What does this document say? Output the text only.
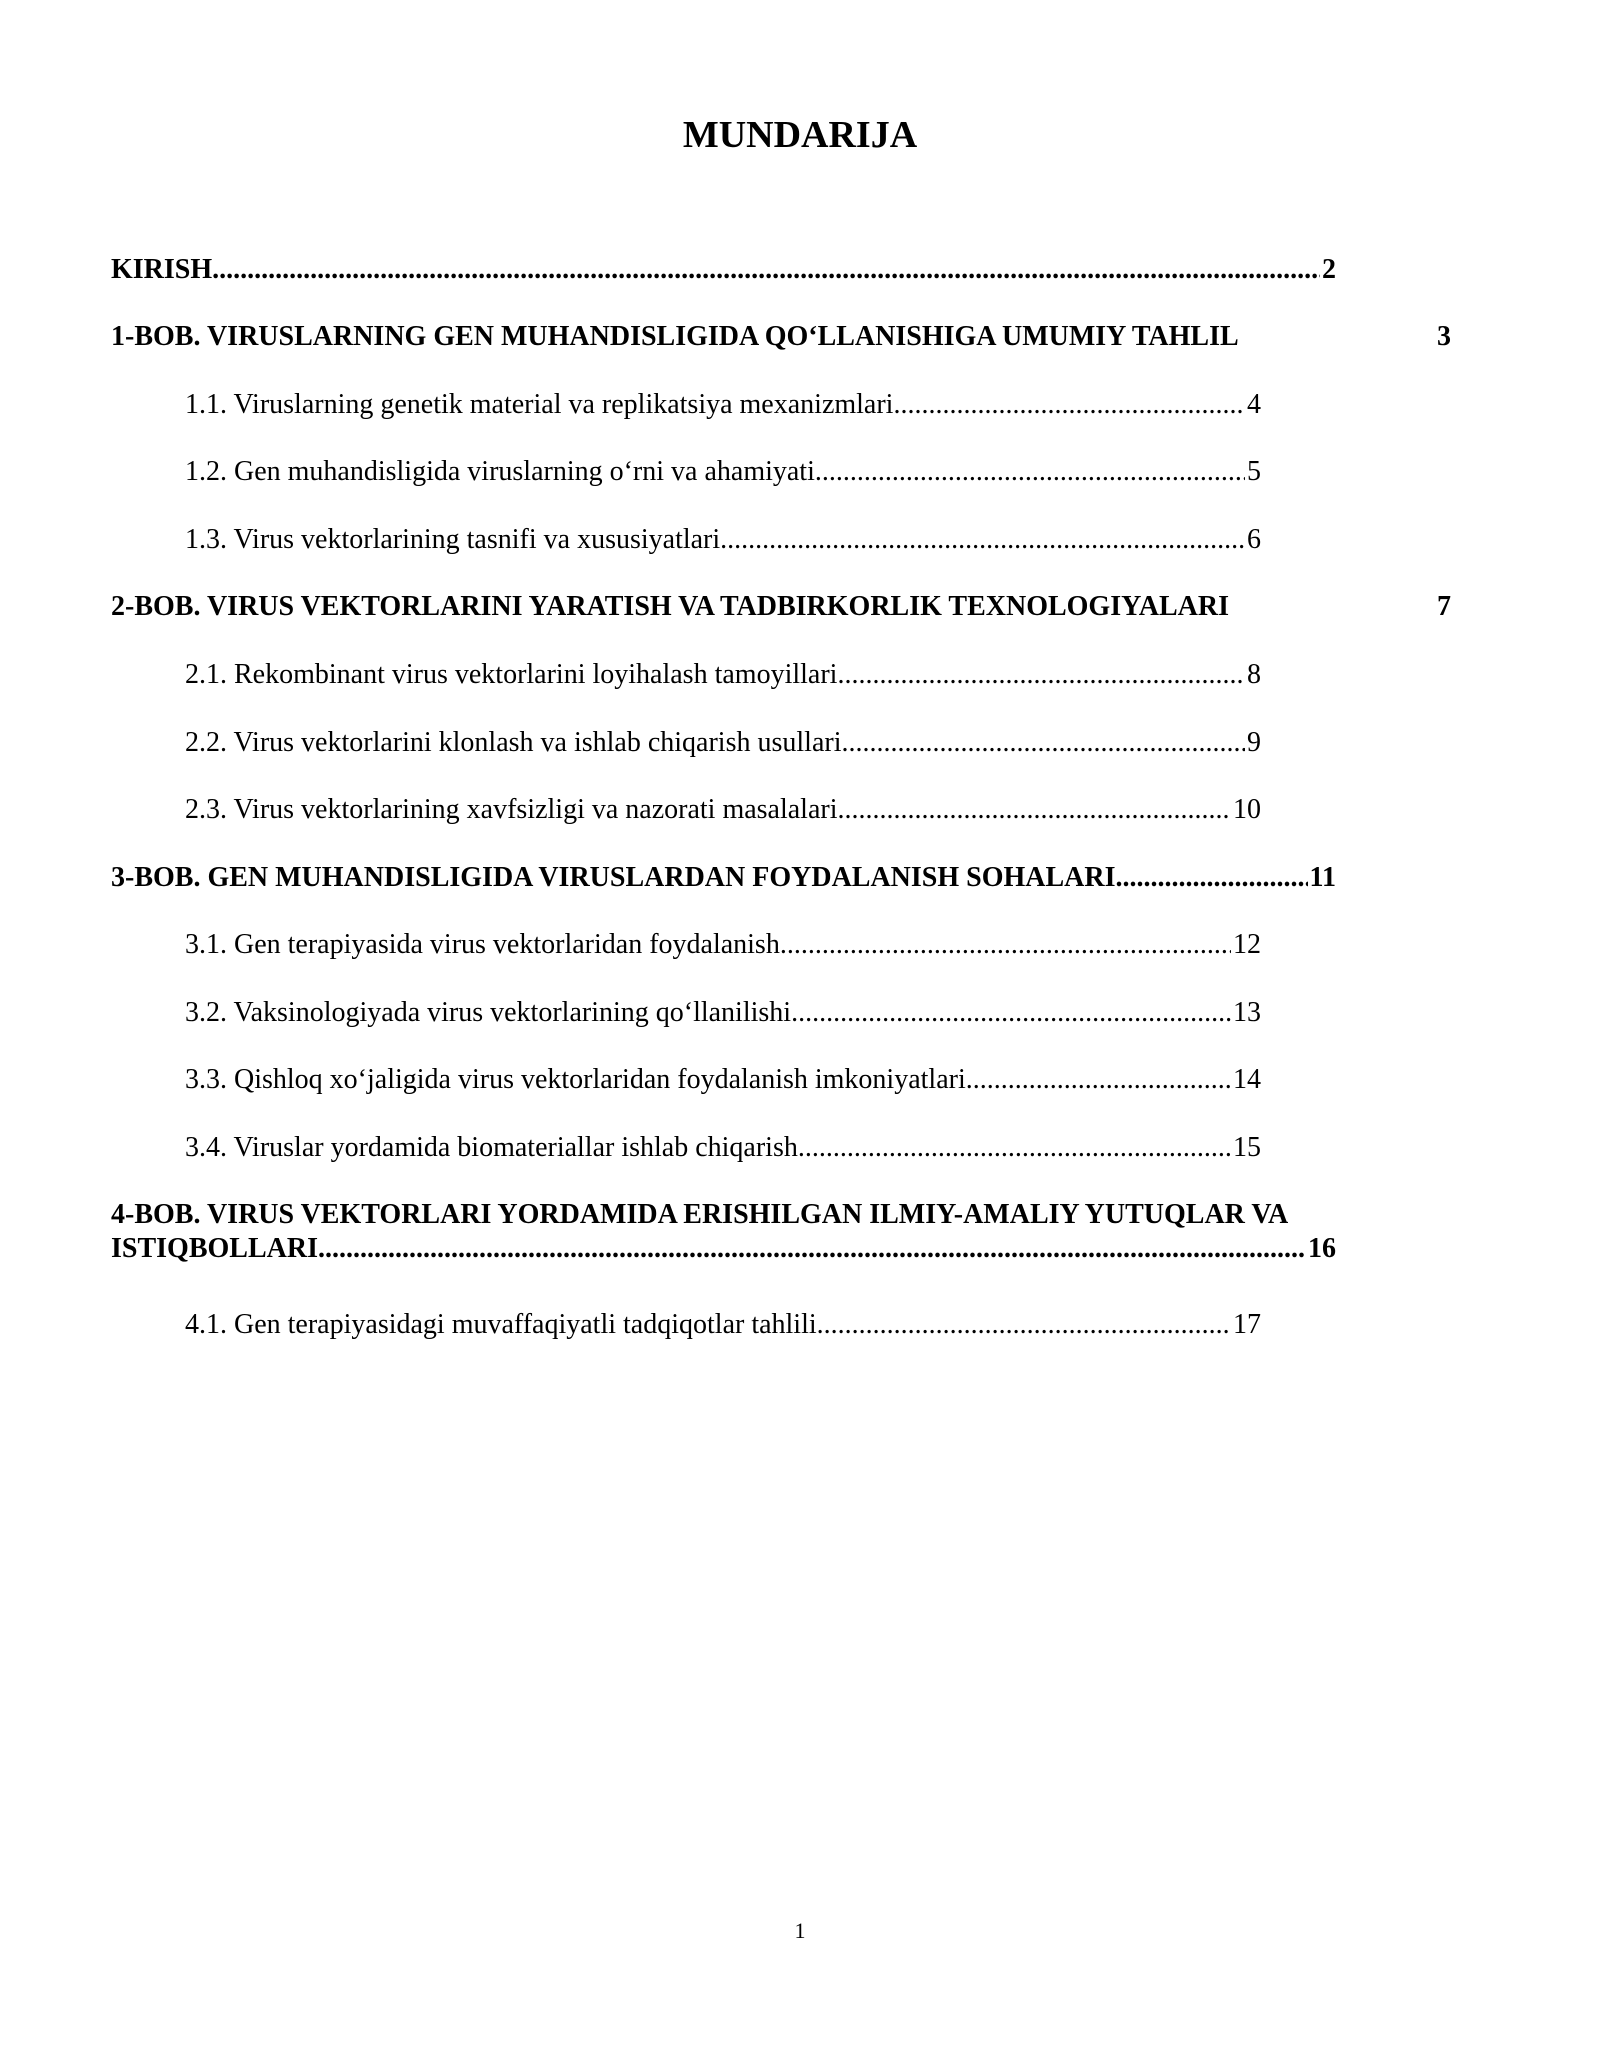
MUNDARIJA
KIRISH .....	2
1-BOB. VIRUSLARNING GEN MUHANDISLIGIDA QO‘LLANISHIGA UMUMIY TAHLIL	3
1.1. Viruslarning genetik material va replikatsiya mexanizmlari .....	4
1.2. Gen muhandisligida viruslarning o‘rni va ahamiyati .....	5
1.3. Virus vektorlarining tasnifi va xususiyatlari .....	6
2-BOB. VIRUS VEKTORLARINI YARATISH VA TADBIRKORLIK TEXNOLOGIYALARI	7
2.1. Rekombinant virus vektorlarini loyihalash tamoyillari .....	8
2.2. Virus vektorlarini klonlash va ishlab chiqarish usullari .....	9
2.3. Virus vektorlarining xavfsizligi va nazorati masalalari .....	10
3-BOB. GEN MUHANDISLIGIDA VIRUSLARDAN FOYDALANISH SOHALARI .....	11
3.1. Gen terapiyasida virus vektorlaridan foydalanish .....	12
3.2. Vaksinologiyada virus vektorlarining qo‘llanilishi .....	13
3.3. Qishloq xo‘jaligida virus vektorlaridan foydalanish imkoniyatlari .....	14
3.4. Viruslar yordamida biomateriallar ishlab chiqarish .....	15
4-BOB. VIRUS VEKTORLARI YORDAMIDA ERISHILGAN ILMIY-AMALIY YUTUQLAR VA
ISTIQBOLLARI .....	16
4.1. Gen terapiyasidagi muvaffaqiyatli tadqiqotlar tahlili .....	17
1
